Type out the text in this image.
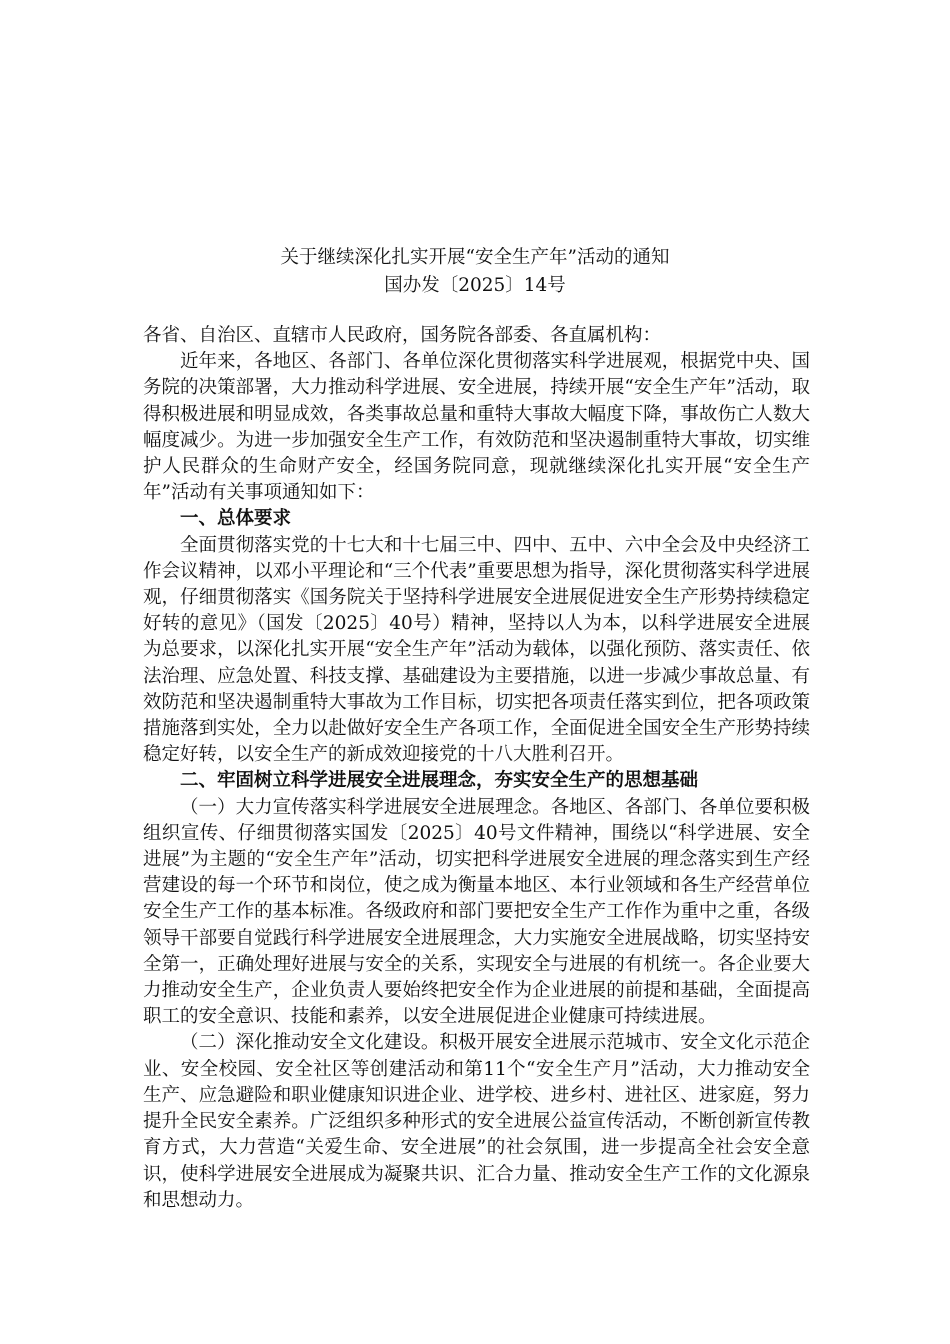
关于继续深化扎实开展“安全生产年”活动的通知
国办发〔2025〕14号

各省、自治区、直辖市人民政府，国务院各部委、各直属机构：

近年来，各地区、各部门、各单位深化贯彻落实科学进展观，根据党中央、国务院的决策部署，大力推动科学进展、安全进展，持续开展“安全生产年”活动，取得积极进展和明显成效，各类事故总量和重特大事故大幅度下降，事故伤亡人数大幅度减少。为进一步加强安全生产工作，有效防范和坚决遏制重特大事故，切实维护人民群众的生命财产安全，经国务院同意，现就继续深化扎实开展“安全生产年”活动有关事项通知如下：

一、总体要求

全面贯彻落实党的十七大和十七届三中、四中、五中、六中全会及中央经济工作会议精神，以邓小平理论和“三个代表”重要思想为指导，深化贯彻落实科学进展观，仔细贯彻落实《国务院关于坚持科学进展安全进展促进安全生产形势持续稳定好转的意见》（国发〔2025〕40号）精神，坚持以人为本，以科学进展安全进展为总要求，以深化扎实开展“安全生产年”活动为载体，以强化预防、落实责任、依法治理、应急处置、科技支撑、基础建设为主要措施，以进一步减少事故总量、有效防范和坚决遏制重特大事故为工作目标，切实把各项责任落实到位，把各项政策措施落到实处，全力以赴做好安全生产各项工作，全面促进全国安全生产形势持续稳定好转，以安全生产的新成效迎接党的十八大胜利召开。

二、牢固树立科学进展安全进展理念，夯实安全生产的思想基础

（一）大力宣传落实科学进展安全进展理念。各地区、各部门、各单位要积极组织宣传、仔细贯彻落实国发〔2025〕40号文件精神，围绕以“科学进展、安全进展”为主题的“安全生产年”活动，切实把科学进展安全进展的理念落实到生产经营建设的每一个环节和岗位，使之成为衡量本地区、本行业领域和各生产经营单位安全生产工作的基本标准。各级政府和部门要把安全生产工作作为重中之重，各级领导干部要自觉践行科学进展安全进展理念，大力实施安全进展战略，切实坚持安全第一，正确处理好进展与安全的关系，实现安全与进展的有机统一。各企业要大力推动安全生产，企业负责人要始终把安全作为企业进展的前提和基础，全面提高职工的安全意识、技能和素养，以安全进展促进企业健康可持续进展。

（二）深化推动安全文化建设。积极开展安全进展示范城市、安全文化示范企业、安全校园、安全社区等创建活动和第11个“安全生产月”活动，大力推动安全生产、应急避险和职业健康知识进企业、进学校、进乡村、进社区、进家庭，努力提升全民安全素养。广泛组织多种形式的安全进展公益宣传活动，不断创新宣传教育方式，大力营造“关爱生命、安全进展”的社会氛围，进一步提高全社会安全意识，使科学进展安全进展成为凝聚共识、汇合力量、推动安全生产工作的文化源泉和思想动力。
